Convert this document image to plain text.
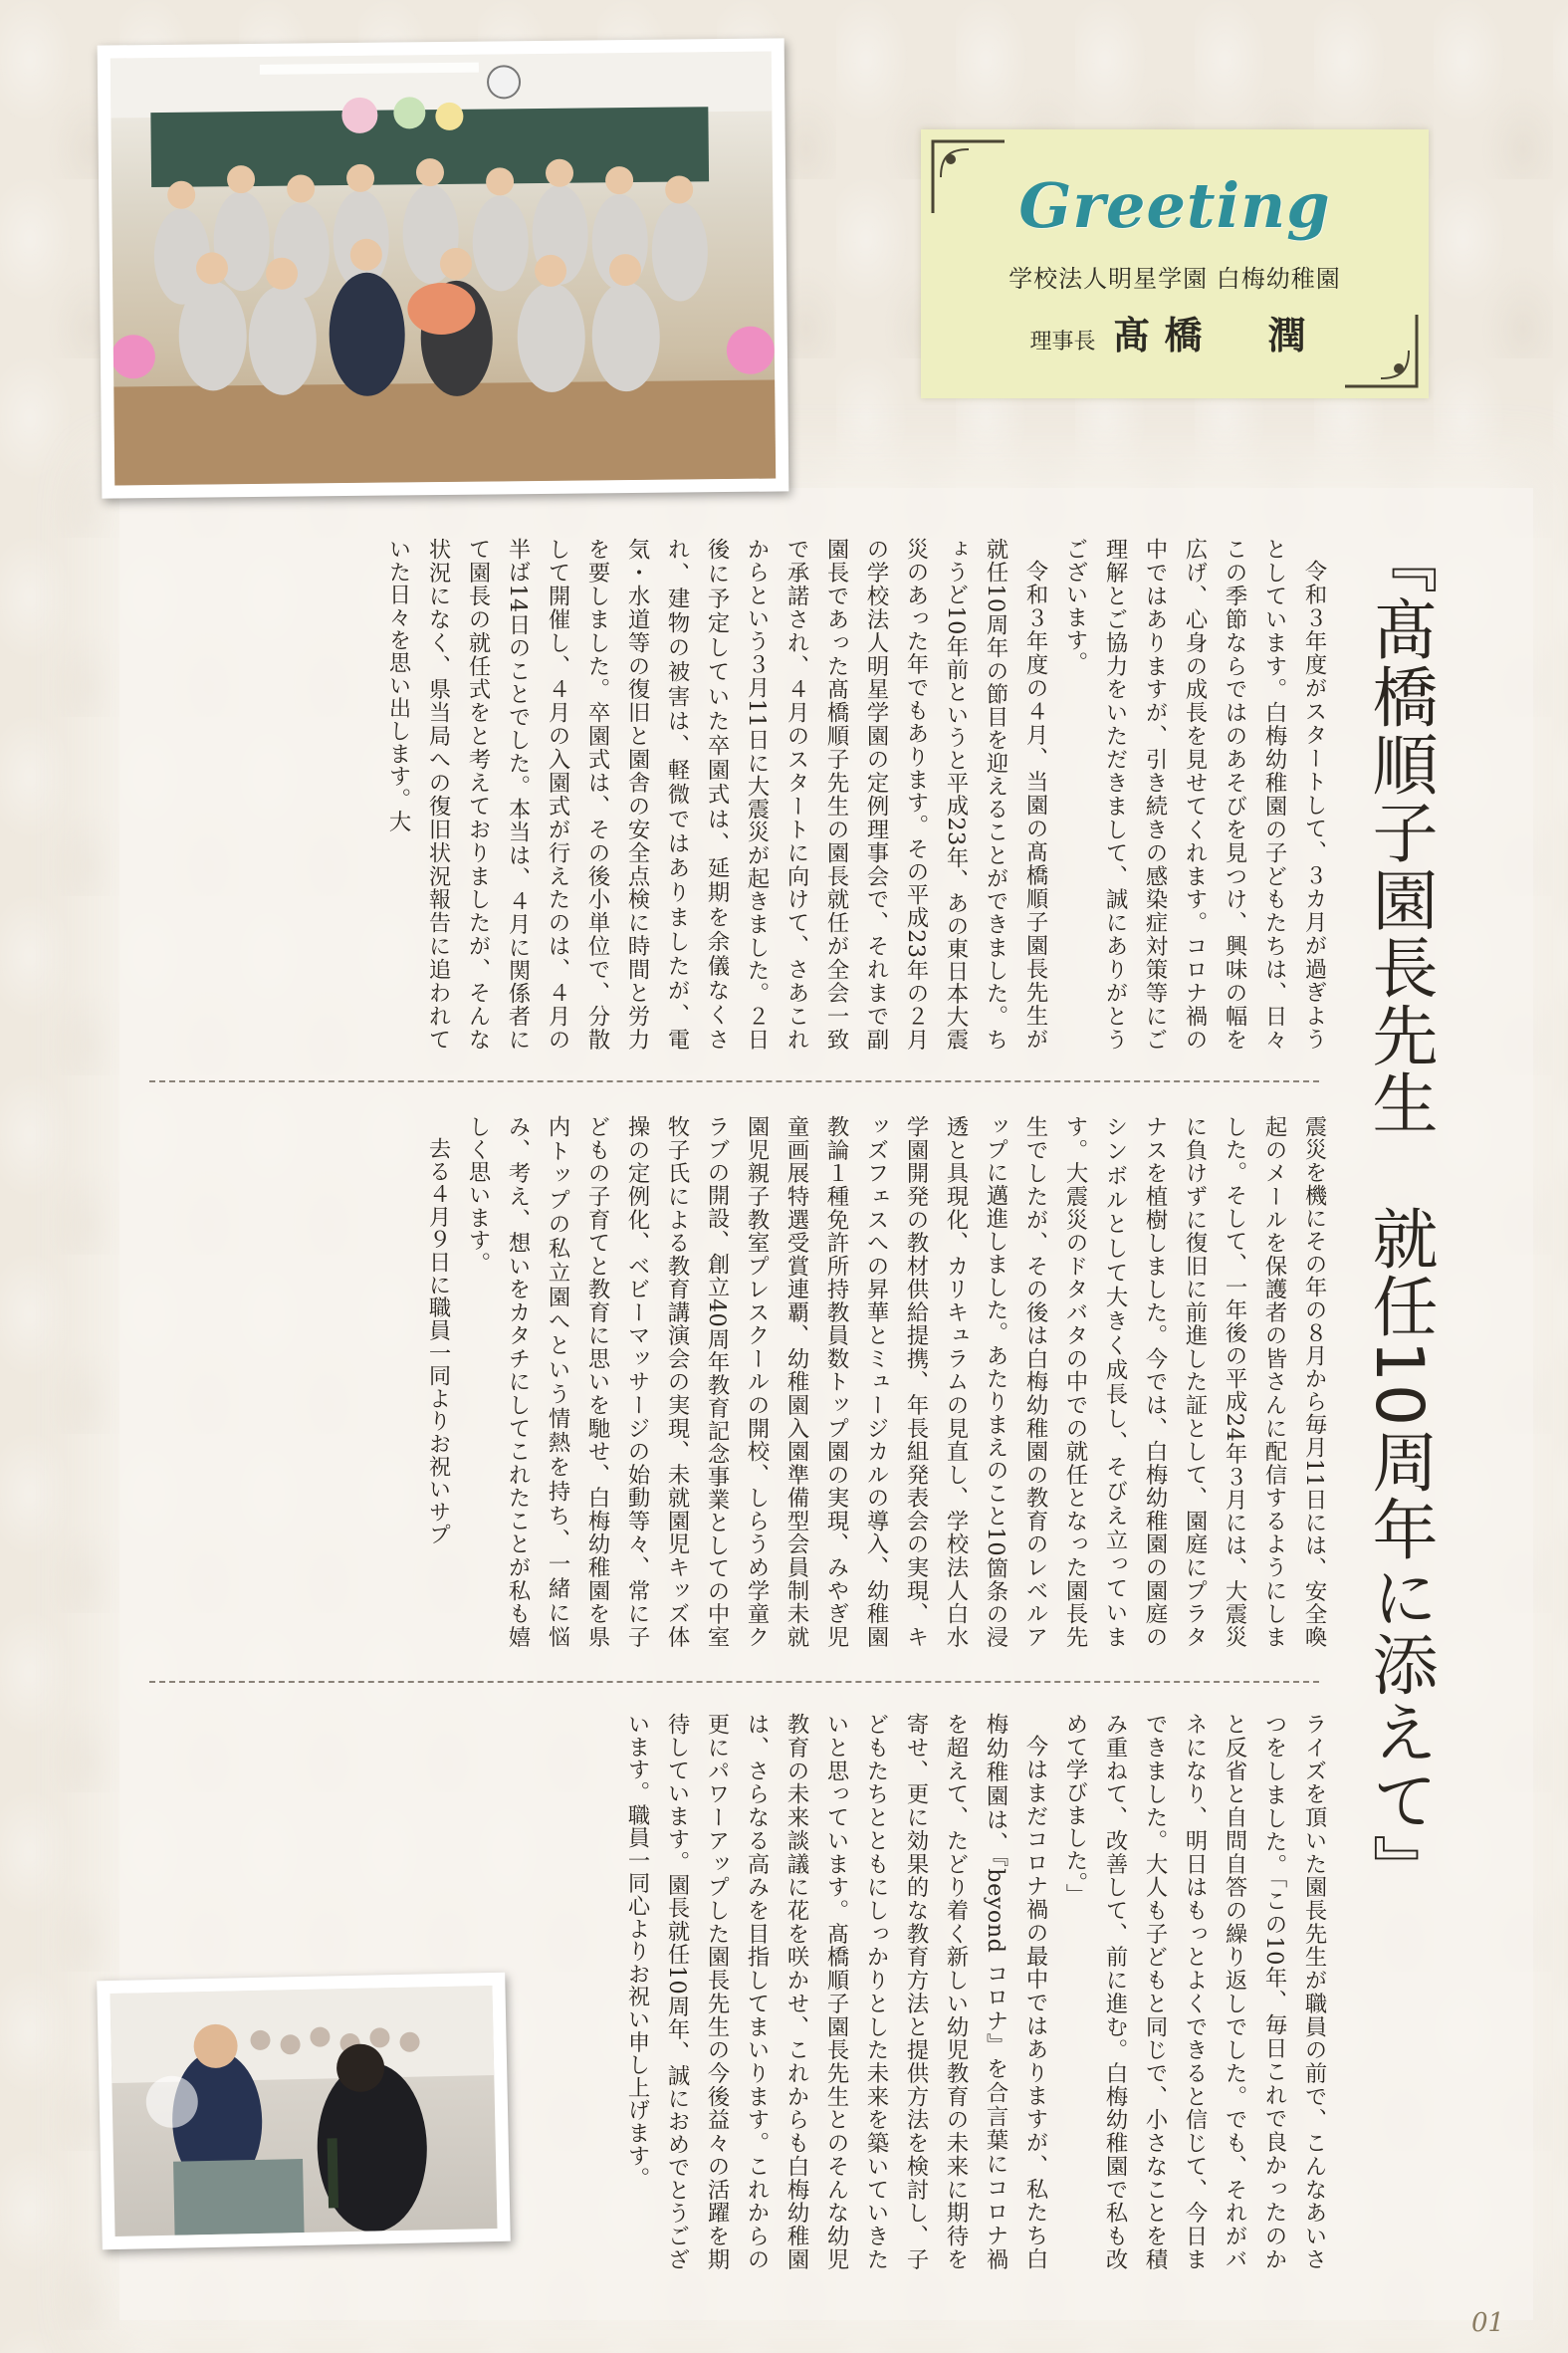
Greeting
学校法人明星学園 白梅幼稚園
理事長 髙橋　潤
『髙橋順子園長先生　就任10周年に添えて』

令和３年度がスタートして、３カ月が過ぎようとしています。白梅幼稚園の子どもたちは、日々この季節ならではのあそびを見つけ、興味の幅を広げ、心身の成長を見せてくれます。コロナ禍の中ではありますが、引き続きの感染症対策等にご理解とご協力をいただきまして、誠にありがとうございます。

令和３年度の４月、当園の髙橋順子園長先生が就任10周年の節目を迎えることができました。ちょうど10年前というと平成23年、あの東日本大震災のあった年でもあります。その平成23年の２月の学校法人明星学園の定例理事会で、それまで副園長であった髙橋順子先生の園長就任が全会一致で承諾され、４月のスタートに向けて、さあこれからという３月11日に大震災が起きました。２日後に予定していた卒園式は、延期を余儀なくされ、建物の被害は、軽微ではありましたが、電気・水道等の復旧と園舎の安全点検に時間と労力を要しました。卒園式は、その後小単位で、分散して開催し、４月の入園式が行えたのは、４月の半ば14日のことでした。本当は、４月に関係者にて園長の就任式をと考えておりましたが、そんな状況になく、県当局への復旧状況報告に追われていた日々を思い出します。大

震災を機にその年の８月から毎月11日には、安全喚起のメールを保護者の皆さんに配信するようにしました。そして、一年後の平成24年３月には、大震災に負けずに復旧に前進した証として、園庭にプラタナスを植樹しました。今では、白梅幼稚園の園庭のシンボルとして大きく成長し、そびえ立っています。大震災のドタバタの中での就任となった園長先生でしたが、その後は白梅幼稚園の教育のレベルアップに邁進しました。あたりまえのこと10箇条の浸透と具現化、カリキュラムの見直し、学校法人白水学園開発の教材供給提携、年長組発表会の実現、キッズフェスへの昇華とミュージカルの導入、幼稚園教論１種免許所持教員数トップ園の実現、みやぎ児童画展特選受賞連覇、幼稚園入園準備型会員制未就園児親子教室プレスクールの開校、しらうめ学童クラブの開設、創立40周年教育記念事業としての中室牧子氏による教育講演会の実現、未就園児キッズ体操の定例化、ベビーマッサージの始動等々、常に子どもの子育てと教育に思いを馳せ、白梅幼稚園を県内トップの私立園へという情熱を持ち、一緒に悩み、考え、想いをカタチにしてこれたことが私も嬉しく思います。

去る４月９日に職員一同よりお祝いサプ

ライズを頂いた園長先生が職員の前で、こんなあいさつをしました。「この10年、毎日これで良かったのかと反省と自問自答の繰り返しでした。でも、それがバネになり、明日はもっとよくできると信じて、今日まできました。大人も子どもと同じで、小さなことを積み重ねて、改善して、前に進む。白梅幼稚園で私も改めて学びました。」

今はまだコロナ禍の最中ではありますが、私たち白梅幼稚園は、『beyond コロナ』を合言葉にコロナ禍を超えて、たどり着く新しい幼児教育の未来に期待を寄せ、更に効果的な教育方法と提供方法を検討し、子どもたちとともにしっかりとした未来を築いていきたいと思っています。髙橋順子園長先生とのそんな幼児教育の未来談議に花を咲かせ、これからも白梅幼稚園は、さらなる高みを目指してまいります。これからの更にパワーアップした園長先生の今後益々の活躍を期待しています。園長就任10周年、誠におめでとうございます。職員一同心よりお祝い申し上げます。

01
